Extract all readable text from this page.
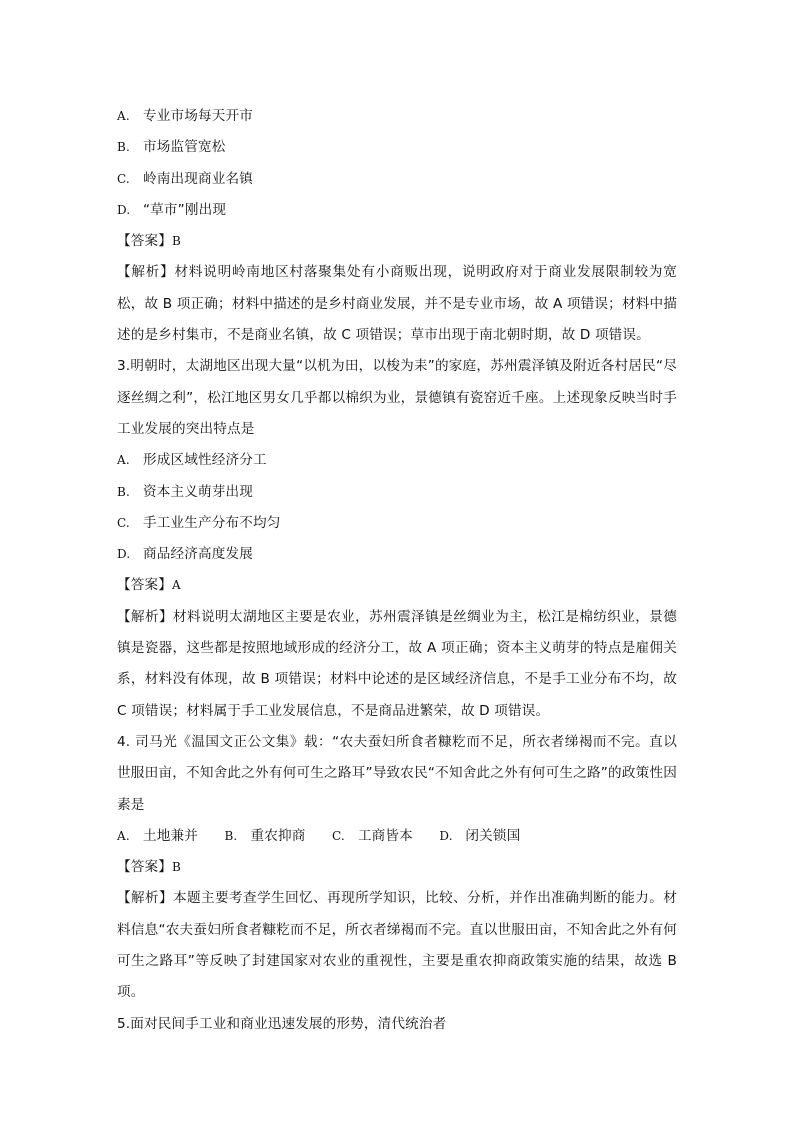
A. 专业市场每天开市
B. 市场监管宽松
C. 岭南出现商业名镇
D. “草市”刚出现
【答案】B
【解析】材料说明岭南地区村落聚集处有小商贩出现，说明政府对于商业发展限制较为宽松，故 B 项正确；材料中描述的是乡村商业发展，并不是专业市场，故 A 项错误；材料中描述的是乡村集市，不是商业名镇，故 C 项错误；草市出现于南北朝时期，故 D 项错误。
3.明朝时，太湖地区出现大量“以机为田，以梭为耒”的家庭，苏州震泽镇及附近各村居民“尽逐丝绸之利”，松江地区男女几乎都以棉织为业，景德镇有瓷窑近千座。上述现象反映当时手工业发展的突出特点是
A. 形成区域性经济分工
B. 资本主义萌芽出现
C. 手工业生产分布不均匀
D. 商品经济高度发展
【答案】A
【解析】材料说明太湖地区主要是农业，苏州震泽镇是丝绸业为主，松江是棉纺织业，景德镇是瓷器，这些都是按照地域形成的经济分工，故 A 项正确；资本主义萌芽的特点是雇佣关系，材料没有体现，故 B 项错误；材料中论述的是区域经济信息，不是手工业分布不均，故 C 项错误；材料属于手工业发展信息，不是商品进繁荣，故 D 项错误。
4. 司马光《温国文正公文集》载：“农夫蚕妇所食者糠籺而不足，所衣者绨褐而不完。直以世服田亩，不知舍此之外有何可生之路耳”导致农民“不知舍此之外有何可生之路”的政策性因素是
A. 土地兼并 B. 重农抑商 C. 工商皆本 D. 闭关锁国
【答案】B
【解析】本题主要考查学生回忆、再现所学知识，比较、分析，并作出准确判断的能力。材料信息“农夫蚕妇所食者糠籺而不足，所衣者绨褐而不完。直以世服田亩，不知舍此之外有何可生之路耳”等反映了封建国家对农业的重视性，主要是重农抑商政策实施的结果，故选 B 项。
5.面对民间手工业和商业迅速发展的形势，清代统治者
